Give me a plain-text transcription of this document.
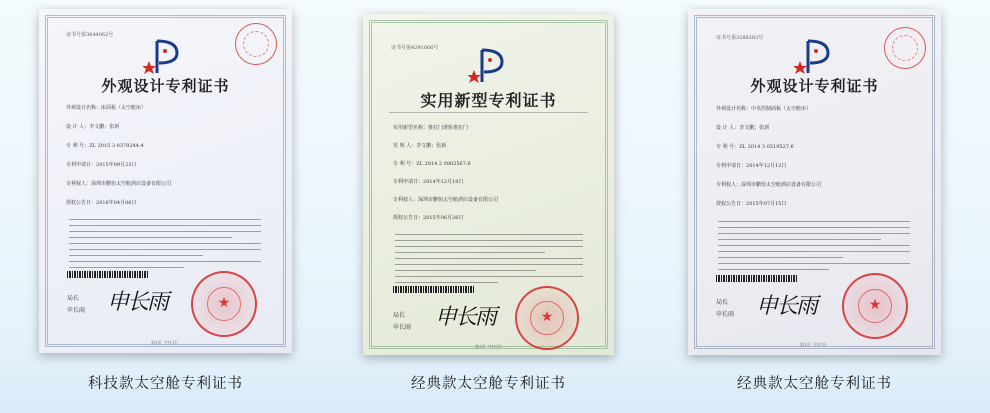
证书号第3644062号
外观设计专利证书
外观设计名称：床面板（太空舱床）
设 计 人：李文鹏；张新
专 利 号：ZL 2015 3 0370244.4
专利申请日：2015年09月23日
专利权人：深圳市鹏恒太空舱酒店设备有限公司
授权公告日：2016年04月06日
局长
申长雨 申长雨	★
第1页（共1页）
证书号第4291066号
实用新型专利证书
实用新型名称：推拉门滑轨推拉门
发 明 人：李文鹏；张新
专 利 号：ZL 2014 2 0802567.6
专利申请日：2014年12月18日
专利权人：深圳市鹏恒太空舱酒店设备有限公司
授权公告日：2015年06月26日
局长
申长雨 申长雨	★
第1页（共1页）
证书号第3288283号
外观设计专利证书
外观设计名称：中央控制面板（太空舱床）
设 计 人：李文鹏；张新
专 利 号：ZL 2014 3 0519527.6
专利申请日：2014年12月12日
专利权人：深圳市鹏恒太空舱酒店设备有限公司
授权公告日：2015年07月15日
局长
申长雨 申长雨	★
第1页（共1页）
科技款太空舱专利证书	经典款太空舱专利证书	经典款太空舱专利证书
